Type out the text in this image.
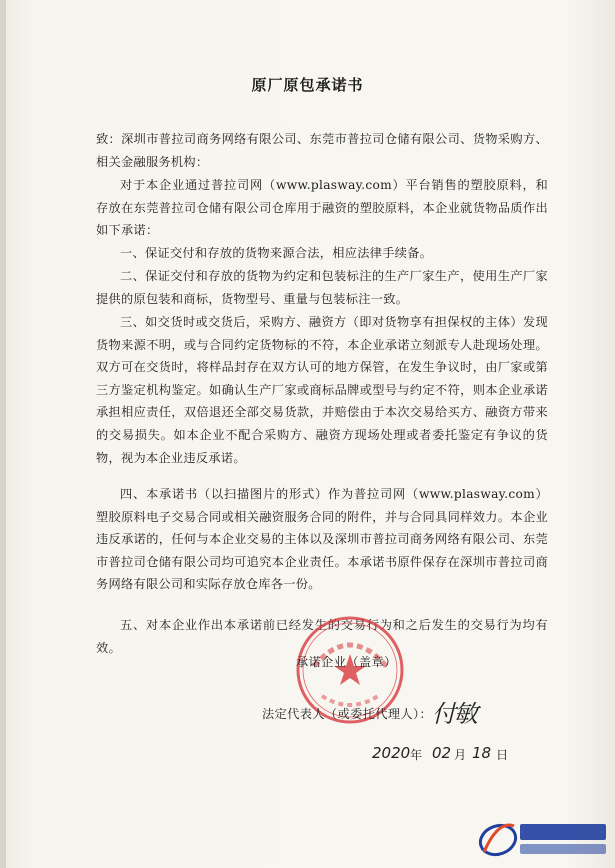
原厂原包承诺书

致：深圳市普拉司商务网络有限公司、东莞市普拉司仓储有限公司、货物采购方、相关金融服务机构：

对于本企业通过普拉司网（www.plasway.com）平台销售的塑胶原料，和存放在东莞普拉司仓储有限公司仓库用于融资的塑胶原料，本企业就货物品质作出如下承诺：

一、保证交付和存放的货物来源合法，相应法律手续备。

二、保证交付和存放的货物为约定和包装标注的生产厂家生产，使用生产厂家提供的原包装和商标，货物型号、重量与包装标注一致。

三、如交货时或交货后，采购方、融资方（即对货物享有担保权的主体）发现货物来源不明，或与合同约定货物标的不符，本企业承诺立刻派专人赴现场处理。双方可在交货时，将样品封存在双方认可的地方保管，在发生争议时，由厂家或第三方鉴定机构鉴定。如确认生产厂家或商标品牌或型号与约定不符，则本企业承诺承担相应责任，双倍退还全部交易货款，并赔偿由于本次交易给买方、融资方带来的交易损失。如本企业不配合采购方、融资方现场处理或者委托鉴定有争议的货物，视为本企业违反承诺。

四、本承诺书（以扫描图片的形式）作为普拉司网（www.plasway.com）塑胶原料电子交易合同或相关融资服务合同的附件，并与合同具同样效力。本企业违反承诺的，任何与本企业交易的主体以及深圳市普拉司商务网络有限公司、东莞市普拉司仓储有限公司均可追究本企业责任。本承诺书原件保存在深圳市普拉司商务网络有限公司和实际存放仓库各一份。

五、对本企业作出本承诺前已经发生的交易行为和之后发生的交易行为均有效。

承诺企业（盖章）
法定代表人（或委托代理人）： 付敏
2020 年 02 月 18 日
